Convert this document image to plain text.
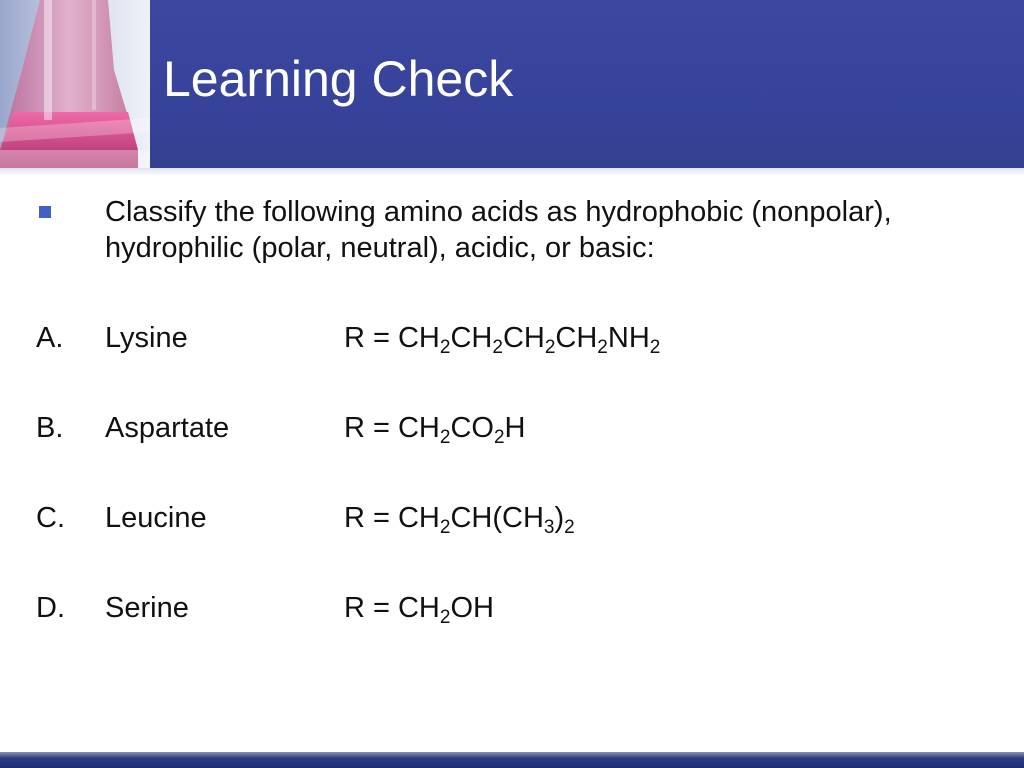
Learning Check
Classify the following amino acids as hydrophobic (nonpolar), hydrophilic (polar, neutral), acidic, or basic:
A. Lysine	$R = CH_2CH_2CH_2CH_2NH_2$
B. Aspartate	$R = CH_2CO_2H$
C. Leucine	$R = CH_2CH(CH_3)_2$
D. Serine	$R = CH_2OH$
